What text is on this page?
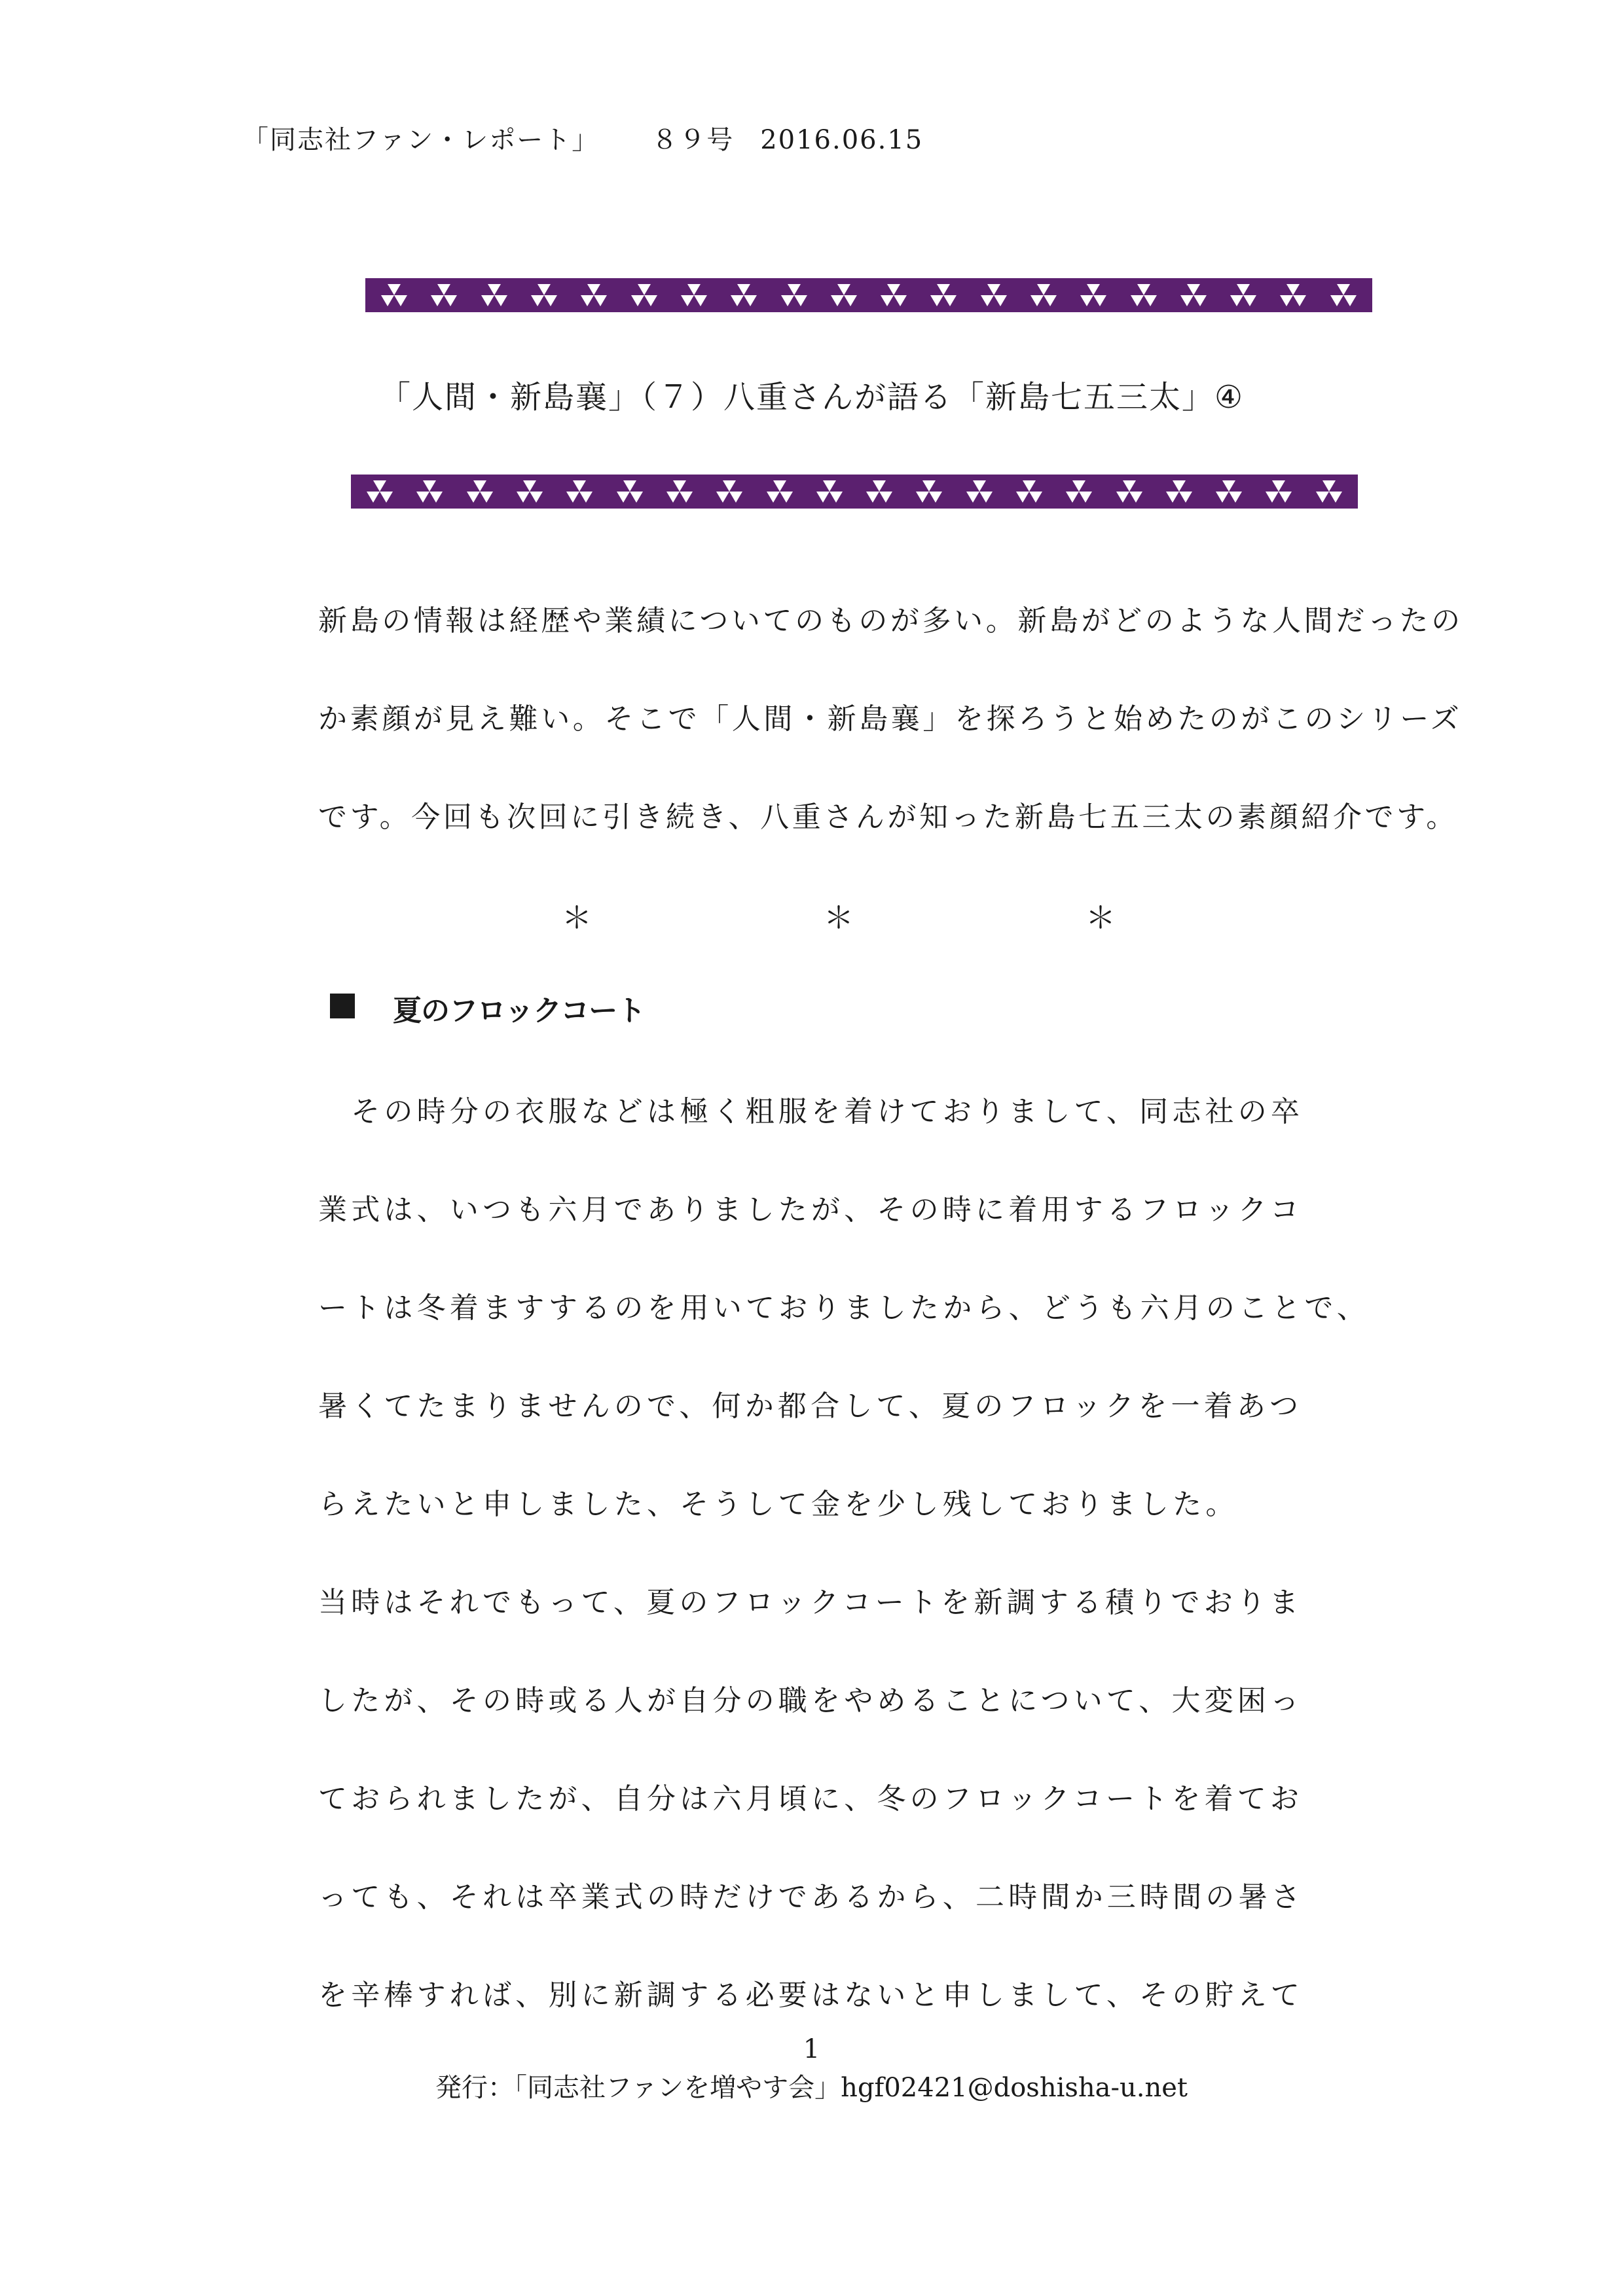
「同志社ファン・レポート」 ８９号 2016.06.15
「人間・新島襄」（７）八重さんが語る「新島七五三太」④
新島の情報は経歴や業績についてのものが多い。新島がどのような人間だったの
か素顔が見え難い。そこで「人間・新島襄」を探ろうと始めたのがこのシリーズ
です。今回も次回に引き続き、八重さんが知った新島七五三太の素顔紹介です。
＊	＊	＊
夏のフロックコート
　その時分の衣服などは極く粗服を着けておりまして、同志社の卒
業式は、いつも六月でありましたが、その時に着用するフロックコ
ートは冬着ますするのを用いておりましたから、どうも六月のことで、
暑くてたまりませんので、何か都合して、夏のフロックを一着あつ
らえたいと申しました、そうして金を少し残しておりました。
当時はそれでもって、夏のフロックコートを新調する積りでおりま
したが、その時或る人が自分の職をやめることについて、大変困っ
ておられましたが、自分は六月頃に、冬のフロックコートを着てお
っても、それは卒業式の時だけであるから、二時間か三時間の暑さ
を辛棒すれば、別に新調する必要はないと申しまして、その貯えて
1
発行：「同志社ファンを増やす会」hgf02421@doshisha-u.net
